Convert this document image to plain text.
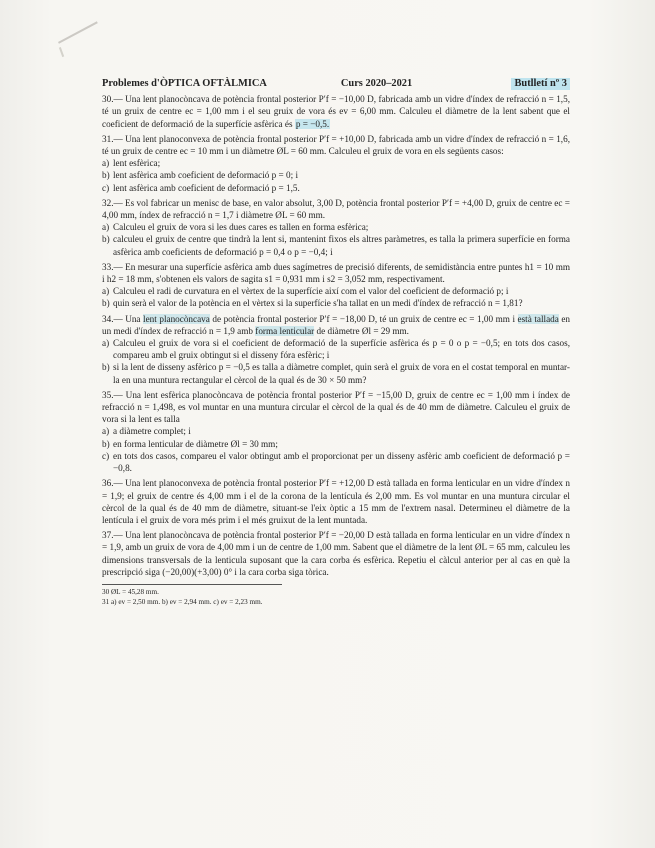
Problemes d'ÒPTICA OFTÀLMICA	Curs 2020–2021	Butlletí nº 3

30.— Una lent planocòncava de potència frontal posterior P′f = −10,00 D, fabricada amb un vidre d'índex de refracció n = 1,5, té un gruix de centre ec = 1,00 mm i el seu gruix de vora és ev = 6,00 mm. Calculeu el diàmetre de la lent sabent que el coeficient de deformació de la superfície asfèrica és p = −0,5.

31.— Una lent planoconvexa de potència frontal posterior P′f = +10,00 D, fabricada amb un vidre d'índex de refracció n = 1,6, té un gruix de centre ec = 10 mm i un diàmetre ØL = 60 mm. Calculeu el gruix de vora en els següents casos:

a) lent esfèrica;
b) lent asfèrica amb coeficient de deformació p = 0; i
c) lent asfèrica amb coeficient de deformació p = 1,5.

32.— Es vol fabricar un menisc de base, en valor absolut, 3,00 D, potència frontal posterior P′f = +4,00 D, gruix de centre ec = 4,00 mm, índex de refracció n = 1,7 i diàmetre ØL = 60 mm.

a) Calculeu el gruix de vora si les dues cares es tallen en forma esfèrica;
b) calculeu el gruix de centre que tindrà la lent si, mantenint fixos els altres paràmetres, es talla la primera superfície en forma asfèrica amb coeficients de deformació p = 0,4 o p = −0,4; i

33.— En mesurar una superfície asfèrica amb dues sagímetres de precisió diferents, de semidistància entre puntes h1 = 10 mm i h2 = 18 mm, s'obtenen els valors de sagita s1 = 0,931 mm i s2 = 3,052 mm, respectivament.

a) Calculeu el radi de curvatura en el vèrtex de la superfície així com el valor del coeficient de deformació p; i
b) quin serà el valor de la potència en el vèrtex si la superfície s'ha tallat en un medi d'índex de refracció n = 1,81?

34.— Una lent planocòncava de potència frontal posterior P′f = −18,00 D, té un gruix de centre ec = 1,00 mm i està tallada en un medi d'índex de refracció n = 1,9 amb forma lenticular de diàmetre Øl = 29 mm.

a) Calculeu el gruix de vora si el coeficient de deformació de la superfície asfèrica és p = 0 o p = −0,5; en tots dos casos, compareu amb el gruix obtingut si el disseny fóra esfèric; i
b) si la lent de disseny asfèrico p = −0,5 es talla a diàmetre complet, quin serà el gruix de vora en el costat temporal en muntar-la en una muntura rectangular el cèrcol de la qual és de 30 × 50 mm?

35.— Una lent esfèrica planocòncava de potència frontal posterior P′f = −15,00 D, gruix de centre ec = 1,00 mm i índex de refracció n = 1,498, es vol muntar en una muntura circular el cèrcol de la qual és de 40 mm de diàmetre. Calculeu el gruix de vora si la lent es talla

a) a diàmetre complet; i
b) en forma lenticular de diàmetre Øl = 30 mm;
c) en tots dos casos, compareu el valor obtingut amb el proporcionat per un disseny asfèric amb coeficient de deformació p = −0,8.

36.— Una lent planoconvexa de potència frontal posterior P′f = +12,00 D està tallada en forma lenticular en un vidre d'índex n = 1,9; el gruix de centre és 4,00 mm i el de la corona de la lentícula és 2,00 mm. Es vol muntar en una muntura circular el cèrcol de la qual és de 40 mm de diàmetre, situant-se l'eix òptic a 15 mm de l'extrem nasal. Determineu el diàmetre de la lentícula i el gruix de vora més prim i el més gruixut de la lent muntada.

37.— Una lent planocòncava de potència frontal posterior P′f = −20,00 D està tallada en forma lenticular en un vidre d'índex n = 1,9, amb un gruix de vora de 4,00 mm i un de centre de 1,00 mm. Sabent que el diàmetre de la lent ØL = 65 mm, calculeu les dimensions transversals de la lenticula suposant que la cara corba és esfèrica. Repetiu el càlcul anterior per al cas en què la prescripció siga (−20,00)(+3,00) 0° i la cara corba siga tòrica.

30 ØL = 45,28 mm.
31 a) ev = 2,50 mm. b) ev = 2,94 mm. c) ev = 2,23 mm.
